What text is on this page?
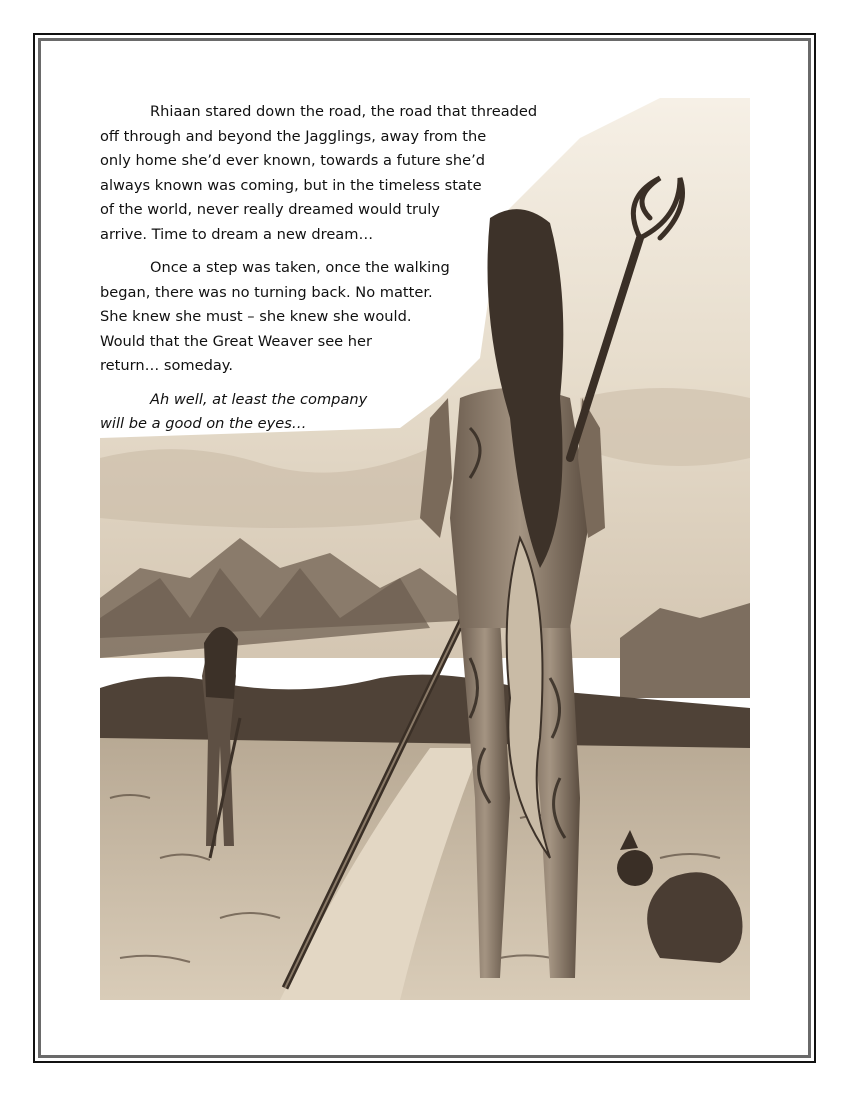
Rhiaan stared down the road, the road that threaded
off through and beyond the Jagglings, away from the
only home she’d ever known, towards a future she’d
always known was coming, but in the timeless state
of the world, never really dreamed would truly
arrive. Time to dream a new dream…

Once a step was taken, once the walking
began, there was no turning back. No matter.
She knew she must – she knew she would.
Would that the Great Weaver see her
return… someday.

Ah well, at least the company
will be a good on the eyes…
